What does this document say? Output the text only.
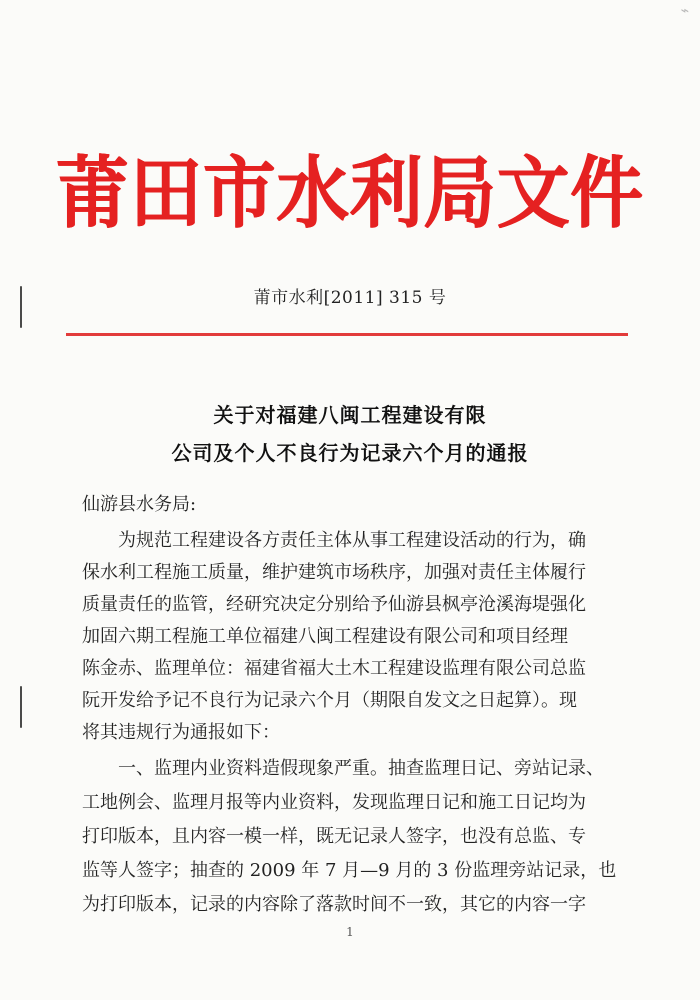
⌁
莆田市水利局文件
莆市水利[2011] 315 号
关于对福建八闽工程建设有限
公司及个人不良行为记录六个月的通报
仙游县水务局:
为规范工程建设各方责任主体从事工程建设活动的行为，确
保水利工程施工质量，维护建筑市场秩序，加强对责任主体履行
质量责任的监管，经研究决定分别给予仙游县枫亭沧溪海堤强化
加固六期工程施工单位福建八闽工程建设有限公司和项目经理
陈金赤、监理单位：福建省福大土木工程建设监理有限公司总监
阮开发给予记不良行为记录六个月（期限自发文之日起算）。现
将其违规行为通报如下：
一、监理内业资料造假现象严重。抽查监理日记、旁站记录、
工地例会、监理月报等内业资料，发现监理日记和施工日记均为
打印版本，且内容一模一样，既无记录人签字，也没有总监、专
监等人签字；抽查的 2009 年 7 月—9 月的 3 份监理旁站记录，也
为打印版本，记录的内容除了落款时间不一致，其它的内容一字
1
